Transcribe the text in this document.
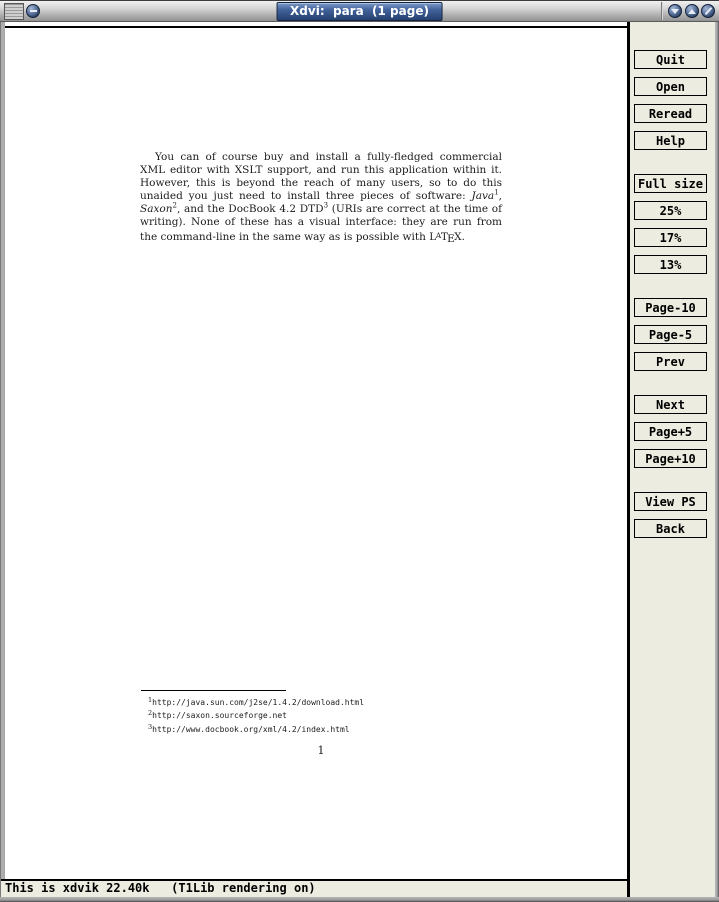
Xdvi:  para  (1 page)
You can of course buy and install a fully-fledged commercial XML editor with XSLT support, and run this application within it. However, this is beyond the reach of many users, so to do this unaided you just need to install three pieces of software: Java$^1$, Saxon$^2$, and the DocBook 4.2 DTD$^3$ (URIs are correct at the time of writing). None of these has a visual interface: they are run from the command-line in the same way as is possible with $L^ATEX$.
$^1$http://java.sun.com/j2se/1.4.2/download.html
$^2$http://saxon.sourceforge.net
$^3$http://www.docbook.org/xml/4.2/index.html
1
Quit
Open
Reread
Help
Full size
25%
17%
13%
Page-10
Page-5
Prev
Next
Page+5
Page+10
View PS
Back
This is xdvik 22.40k   (T1Lib rendering on)
